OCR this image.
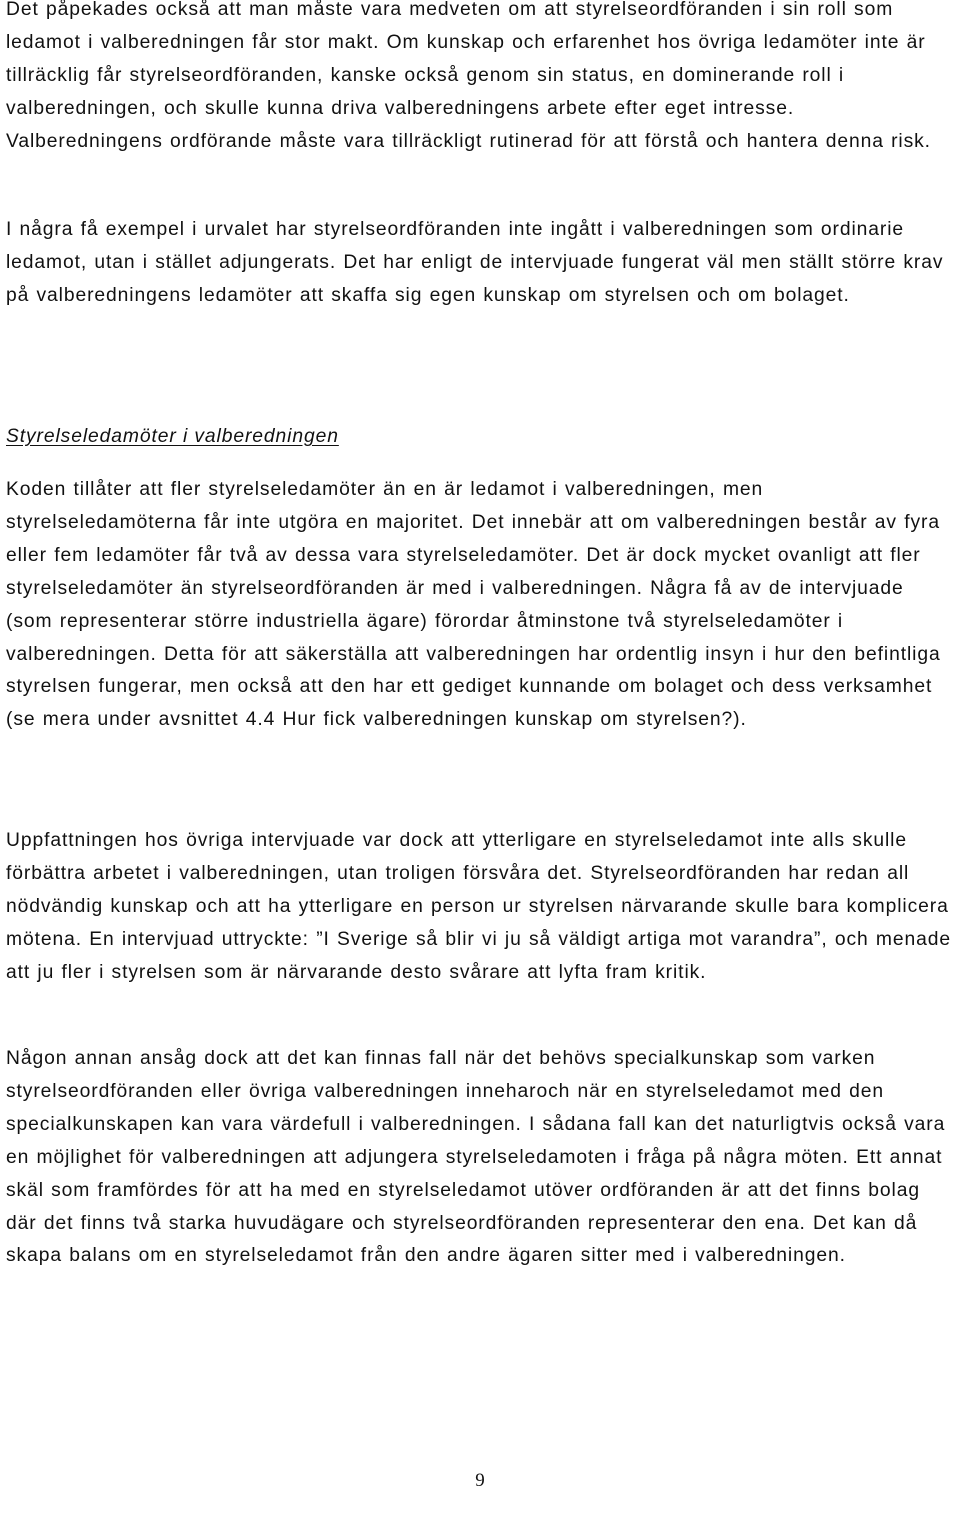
Det påpekades också att man måste vara medveten om att styrelseordföranden i sin roll som ledamot i valberedningen får stor makt. Om kunskap och erfarenhet hos övriga ledamöter inte är tillräcklig får styrelseordföranden, kanske också genom sin status, en dominerande roll i valberedningen, och skulle kunna driva valberedningens arbete efter eget intresse. Valberedningens ordförande måste vara tillräckligt rutinerad för att förstå och hantera denna risk.

I några få exempel i urvalet har styrelseordföranden inte ingått i valberedningen som ordinarie ledamot, utan i stället adjungerats. Det har enligt de intervjuade fungerat väl men ställt större krav på valberedningens ledamöter att skaffa sig egen kunskap om styrelsen och om bolaget.

Styrelseledamöter i valberedningen

Koden tillåter att fler styrelseledamöter än en är ledamot i valberedningen, men styrelseledamöterna får inte utgöra en majoritet. Det innebär att om valberedningen består av fyra eller fem ledamöter får två av dessa vara styrelseledamöter. Det är dock mycket ovanligt att fler styrelseledamöter än styrelseordföranden är med i valberedningen. Några få av de intervjuade (som representerar större industriella ägare) förordar åtminstone två styrelseledamöter i valberedningen. Detta för att säkerställa att valberedningen har ordentlig insyn i hur den befintliga styrelsen fungerar, men också att den har ett gediget kunnande om bolaget och dess verksamhet (se mera under avsnittet 4.4 Hur fick valberedningen kunskap om styrelsen?).

Uppfattningen hos övriga intervjuade var dock att ytterligare en styrelseledamot inte alls skulle förbättra arbetet i valberedningen, utan troligen försvåra det. Styrelseordföranden har redan all nödvändig kunskap och att ha ytterligare en person ur styrelsen närvarande skulle bara komplicera mötena. En intervjuad uttryckte: ”I Sverige så blir vi ju så väldigt artiga mot varandra”, och menade att ju fler i styrelsen som är närvarande desto svårare att lyfta fram kritik.

Någon annan ansåg dock att det kan finnas fall när det behövs specialkunskap som varken styrelseordföranden eller övriga valberedningen inneharoch när en styrelseledamot med den specialkunskapen kan vara värdefull i valberedningen. I sådana fall kan det naturligtvis också vara en möjlighet för valberedningen att adjungera styrelseledamoten i fråga på några möten. Ett annat skäl som framfördes för att ha med en styrelseledamot utöver ordföranden är att det finns bolag där det finns två starka huvudägare och styrelseordföranden representerar den ena. Det kan då skapa balans om en styrelseledamot från den andre ägaren sitter med i valberedningen.

9
